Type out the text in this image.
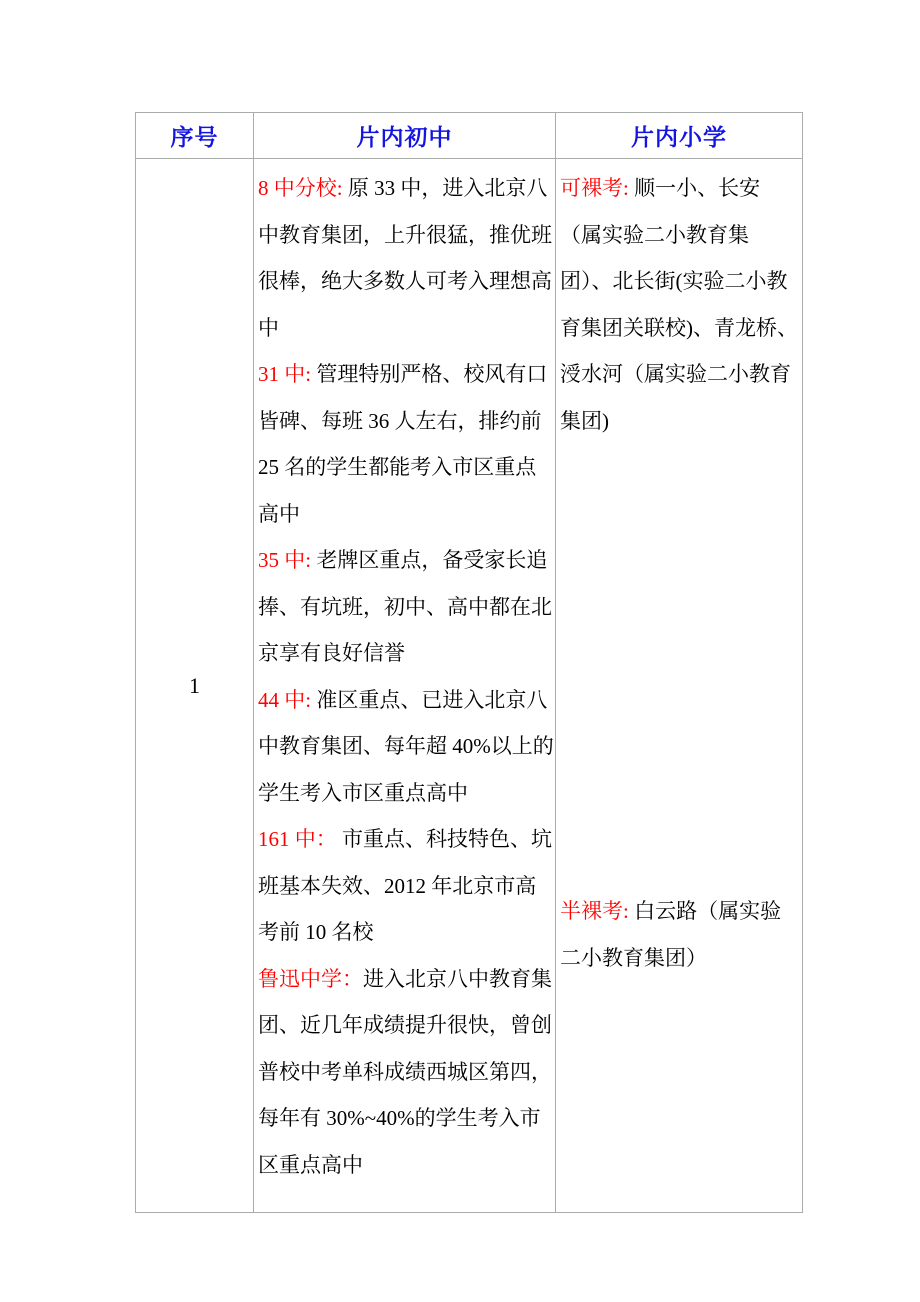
序号	片内初中	片内小学
1
8 中分校: 原 33 中，进入北京八中教育集团，上升很猛，推优班很棒，绝大多数人可考入理想高中
31 中: 管理特别严格、校风有口皆碑、每班 36 人左右，排约前 25 名的学生都能考入市区重点高中
35 中: 老牌区重点，备受家长追捧、有坑班，初中、高中都在北京享有良好信誉
44 中: 准区重点、已进入北京八中教育集团、每年超 40%以上的学生考入市区重点高中
161 中： 市重点、科技特色、坑班基本失效、2012 年北京市高考前 10 名校
鲁迅中学：进入北京八中教育集团、近几年成绩提升很快，曾创普校中考单科成绩西城区第四，每年有 30%~40%的学生考入市区重点高中
可裸考: 顺一小、长安（属实验二小教育集团）、北长街(实验二小教育集团关联校)、青龙桥、涭水河（属实验二小教育集团)
半裸考: 白云路（属实验二小教育集团）
